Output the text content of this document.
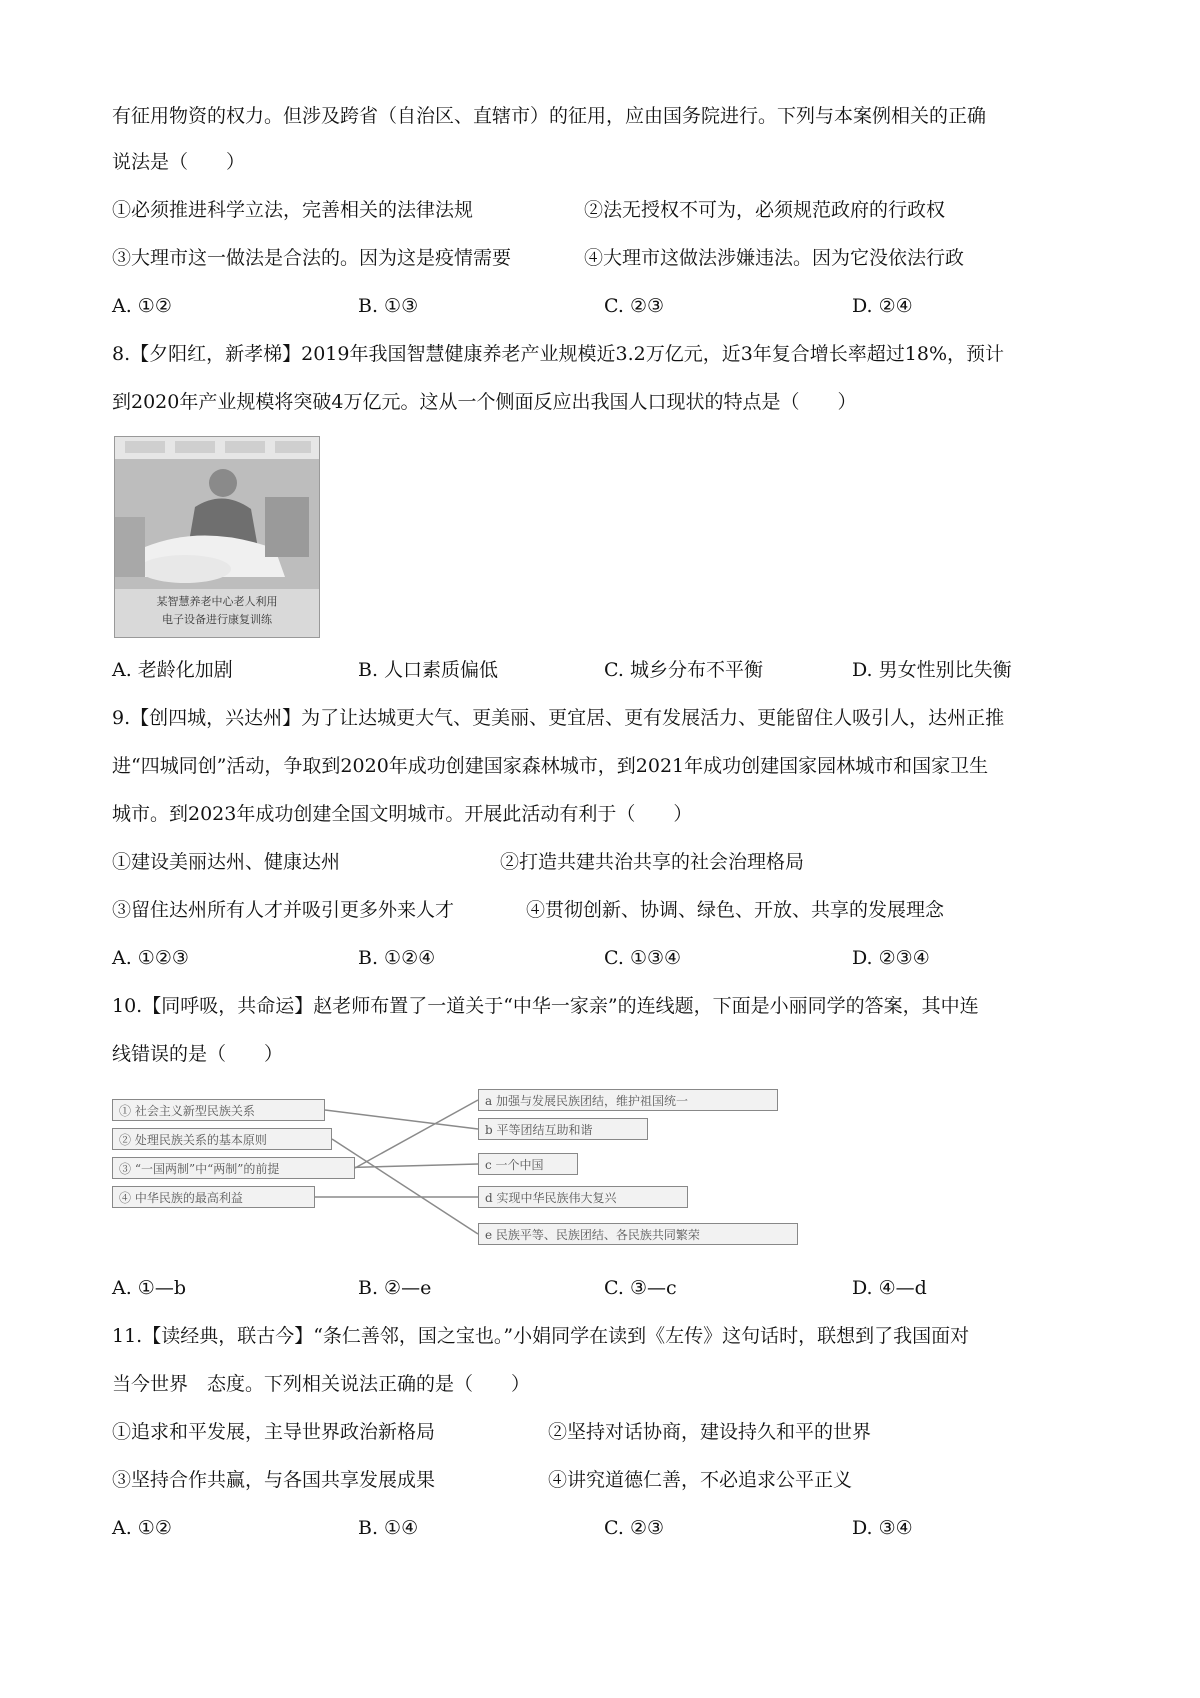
有征用物资的权力。但涉及跨省（自治区、直辖市）的征用，应由国务院进行。下列与本案例相关的正确
说法是（　　）
①必须推进科学立法，完善相关的法律法规	②法无授权不可为，必须规范政府的行政权
③大理市这一做法是合法的。因为这是疫情需要	④大理市这做法涉嫌违法。因为它没依法行政
A. ①②	B. ①③	C. ②③	D. ②④
8.【夕阳红，新孝梯】2019年我国智慧健康养老产业规模近3.2万亿元，近3年复合增长率超过18%，预计
到2020年产业规模将突破4万亿元。这从一个侧面反应出我国人口现状的特点是（　　）
某智慧养老中心老人利用
电子设备进行康复训练
A. 老龄化加剧	B. 人口素质偏低	C. 城乡分布不平衡	D. 男女性别比失衡
9.【创四城，兴达州】为了让达城更大气、更美丽、更宜居、更有发展活力、更能留住人吸引人，达州正推
进“四城同创”活动，争取到2020年成功创建国家森林城市，到2021年成功创建国家园林城市和国家卫生
城市。到2023年成功创建全国文明城市。开展此活动有利于（　　）
①建设美丽达州、健康达州	②打造共建共治共享的社会治理格局
③留住达州所有人才并吸引更多外来人才	④贯彻创新、协调、绿色、开放、共享的发展理念
A. ①②③	B. ①②④	C. ①③④	D. ②③④
10.【同呼吸，共命运】赵老师布置了一道关于“中华一家亲”的连线题，下面是小丽同学的答案，其中连
线错误的是（　　）
① 社会主义新型民族关系
② 处理民族关系的基本原则
③ “一国两制”中“两制”的前提
④ 中华民族的最高利益
a 加强与发展民族团结，维护祖国统一
b 平等团结互助和谐
c 一个中国
d 实现中华民族伟大复兴
e 民族平等、民族团结、各民族共同繁荣
A. ①—b	B. ②—e	C. ③—c	D. ④—d
11.【读经典，联古今】“条仁善邻，国之宝也。”小娟同学在读到《左传》这句话时，联想到了我国面对
当今世界　态度。下列相关说法正确的是（　　）
①追求和平发展，主导世界政治新格局	②坚持对话协商，建设持久和平的世界
③坚持合作共赢，与各国共享发展成果	④讲究道德仁善，不必追求公平正义
A. ①②	B. ①④	C. ②③	D. ③④
